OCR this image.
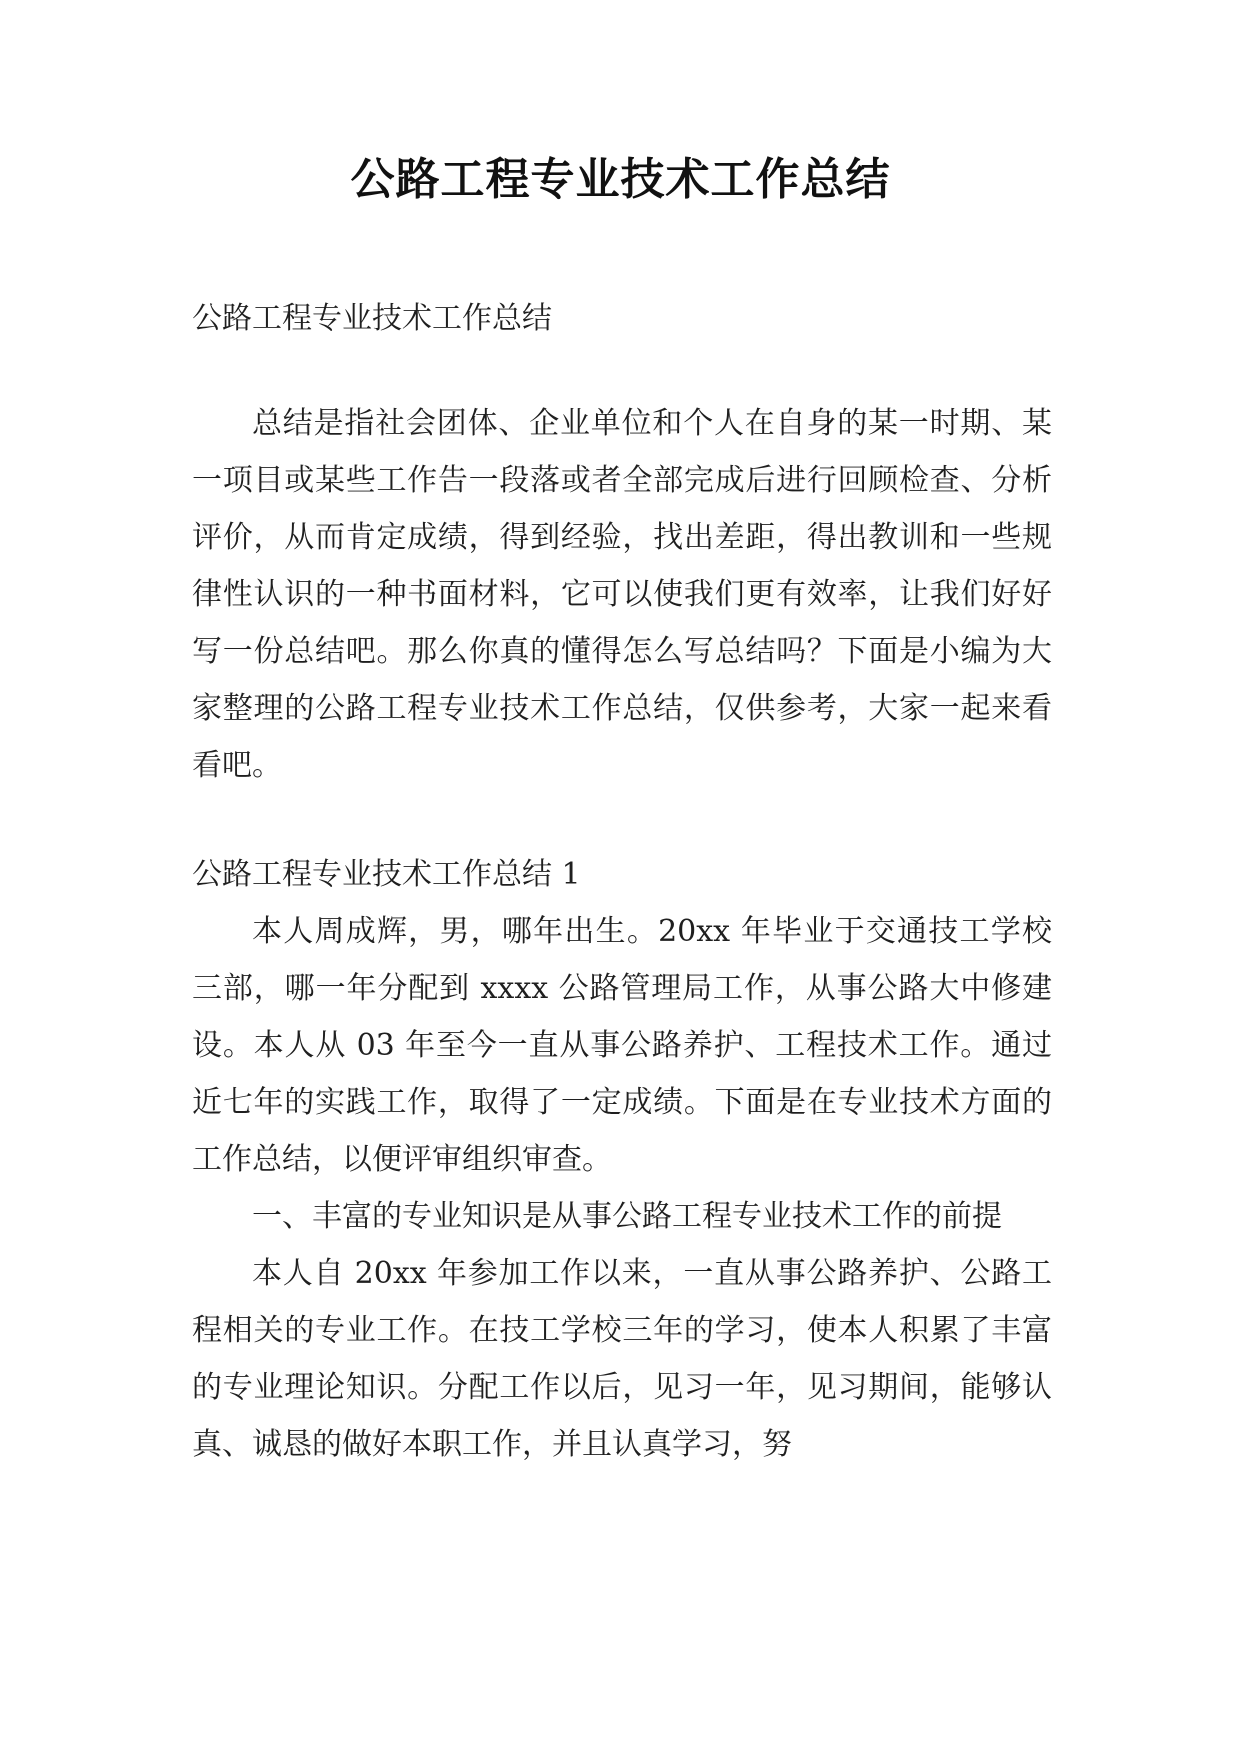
公路工程专业技术工作总结

公路工程专业技术工作总结

总结是指社会团体、企业单位和个人在自身的某一时期、某一项目或某些工作告一段落或者全部完成后进行回顾检查、分析评价，从而肯定成绩，得到经验，找出差距，得出教训和一些规律性认识的一种书面材料，它可以使我们更有效率，让我们好好写一份总结吧。那么你真的懂得怎么写总结吗？下面是小编为大家整理的公路工程专业技术工作总结，仅供参考，大家一起来看看吧。

公路工程专业技术工作总结 1

本人周成辉，男，哪年出生。20xx 年毕业于交通技工学校三部，哪一年分配到 xxxx 公路管理局工作，从事公路大中修建设。本人从 03 年至今一直从事公路养护、工程技术工作。通过近七年的实践工作，取得了一定成绩。下面是在专业技术方面的工作总结，以便评审组织审查。

一、丰富的专业知识是从事公路工程专业技术工作的前提

本人自 20xx 年参加工作以来，一直从事公路养护、公路工程相关的专业工作。在技工学校三年的学习，使本人积累了丰富的专业理论知识。分配工作以后，见习一年，见习期间，能够认真、诚恳的做好本职工作，并且认真学习，努
